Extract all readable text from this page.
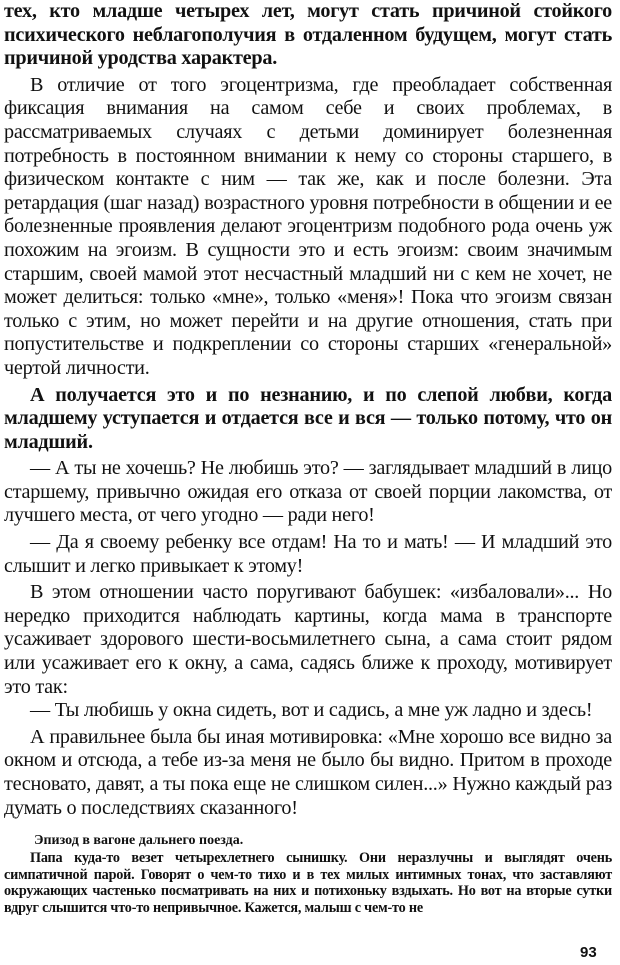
тех, кто младше четырех лет, могут стать причиной стойкого психического неблагополучия в отдаленном будущем, могут стать причиной уродства характера.

В отличие от того эгоцентризма, где преобладает собственная фиксация внимания на самом себе и своих проблемах, в рассматриваемых случаях с детьми доминирует болезненная потребность в постоянном внимании к нему со стороны старшего, в физическом контакте с ним — так же, как и после болезни. Эта ретардация (шаг назад) возрастного уровня потребности в общении и ее болезненные проявления делают эгоцентризм подобного рода очень уж похожим на эгоизм. В сущности это и есть эгоизм: своим значимым старшим, своей мамой этот несчастный младший ни с кем не хочет, не может делиться: только «мне», только «меня»! Пока что эгоизм связан только с этим, но может перейти и на другие отношения, стать при попустительстве и подкреплении со стороны старших «генеральной» чертой личности.

А получается это и по незнанию, и по слепой любви, когда младшему уступается и отдается все и вся — только потому, что он младший.

— А ты не хочешь? Не любишь это? — заглядывает младший в лицо старшему, привычно ожидая его отказа от своей порции лакомства, от лучшего места, от чего угодно — ради него!

— Да я своему ребенку все отдам! На то и мать! — И младший это слышит и легко привыкает к этому!

В этом отношении часто поругивают бабушек: «избаловали»... Но нередко приходится наблюдать картины, когда мама в транспорте усаживает здорового шести-восьмилетнего сына, а сама стоит рядом или усаживает его к окну, а сама, садясь ближе к проходу, мотивирует это так:

— Ты любишь у окна сидеть, вот и садись, а мне уж ладно и здесь!

А правильнее была бы иная мотивировка: «Мне хорошо все видно за окном и отсюда, а тебе из-за меня не было бы видно. Притом в проходе тесновато, давят, а ты пока еще не слишком силен...» Нужно каждый раз думать о последствиях сказанного!

Эпизод в вагоне дальнего поезда.

Папа куда-то везет четырехлетнего сынишку. Они неразлучны и выглядят очень симпатичной парой. Говорят о чем-то тихо и в тех милых интимных тонах, что заставляют окружающих частенько посматривать на них и потихоньку вздыхать. Но вот на вторые сутки вдруг слышится что-то непривычное. Кажется, малыш с чем-то не

93
